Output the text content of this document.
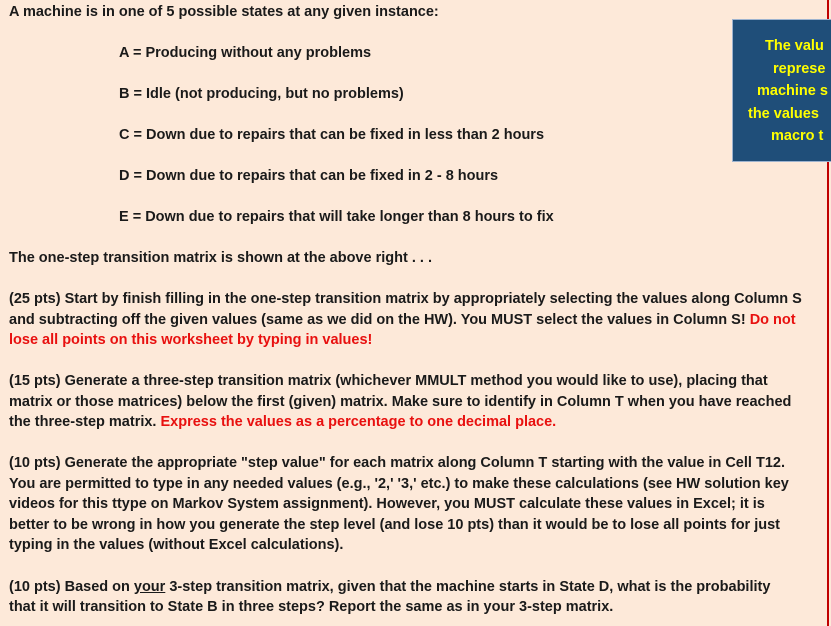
A machine is in one of 5 possible states at any given instance:
A = Producing without any problems
B = Idle (not producing, but no problems)
C = Down due to repairs that can be fixed in less than 2 hours
D = Down due to repairs that can be fixed in 2 - 8 hours
E = Down due to repairs that will take longer than 8 hours to fix
The one-step transition matrix is shown at the above right . . .
(25 pts) Start by finish filling in the one-step transition matrix by appropriately selecting the values along Column S
and subtracting off the given values (same as we did on the HW). You MUST select the values in Column S! Do not
lose all points on this worksheet by typing in values!
(15 pts) Generate a three-step transition matrix (whichever MMULT method you would like to use), placing that
matrix or those matrices) below the first (given) matrix. Make sure to identify in Column T when you have reached
the three-step matrix. Express the values as a percentage to one decimal place.
(10 pts) Generate the appropriate "step value" for each matrix along Column T starting with the value in Cell T12.
You are permitted to type in any needed values (e.g., '2,' '3,' etc.) to make these calculations (see HW solution key
videos for this ttype on Markov System assignment). However, you MUST calculate these values in Excel; it is
better to be wrong in how you generate the step level (and lose 10 pts) than it would be to lose all points for just
typing in the values (without Excel calculations).
(10 pts) Based on your 3-step transition matrix, given that the machine starts in State D, what is the probability
that it will transition to State B in three steps? Report the same as in your 3-step matrix.
The valu
represe
machine s
the values
macro t
